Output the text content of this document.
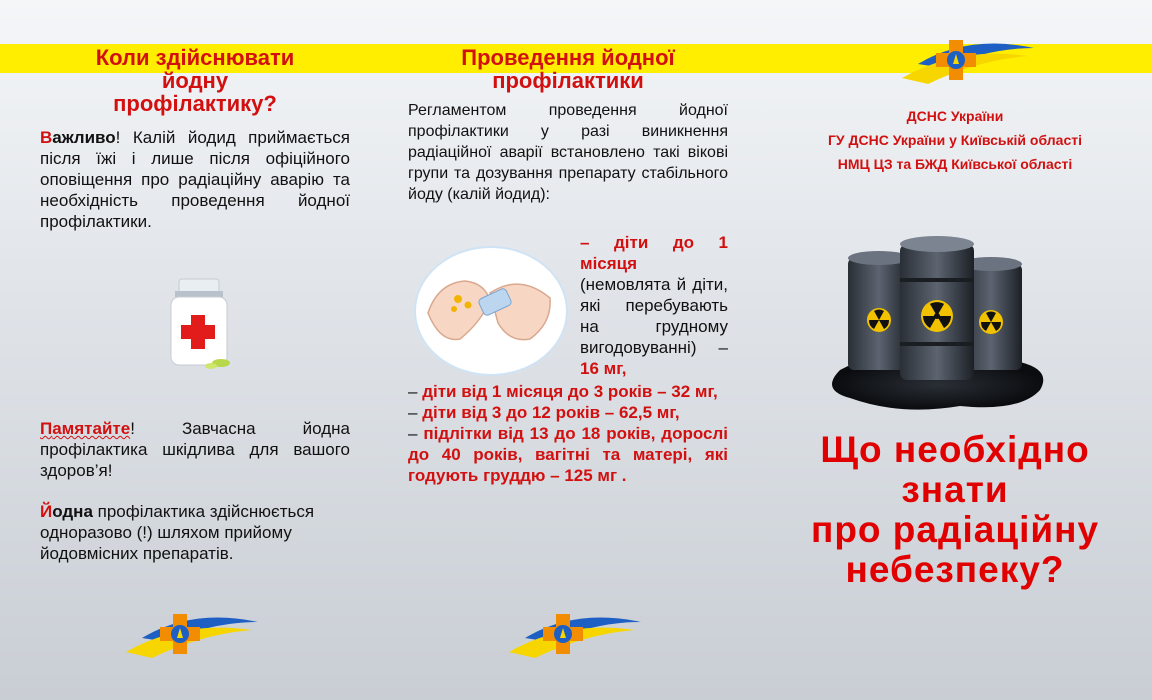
Коли здійснювати
йодну
профілактику?

Важливо! Калій йодид приймається після їжі і лише після офіційного оповіщення про радіаційну аварію та необхідність проведення йодної профілактики.

Памятайте! Завчасна йодна профілактика шкідлива для вашого здоров’я!

Йодна профілактика здійснюється одноразово (!) шляхом прийому йодовмісних препаратів.

Проведення йодної
профілактики

Регламентом проведення йодної профілактики у разі виникнення радіаційної аварії встановлено такі вікові групи та дозування препарату стабільного йоду (калій йодид):

– діти до 1 місяця (немовлята й діти, які перебувають на грудному вигодовуванні) – 16 мг,

– діти від 1 місяця до 3 років – 32 мг,

– діти від 3 до 12 років – 62,5 мг,

– підлітки від 13 до 18 років, дорослі до 40 років, вагітні та матері, які годують груддю – 125 мг .

ДСНС України
ГУ ДСНС України у Київській області
НМЦ ЦЗ та БЖД Київської області
Що необхідно
знати
про радіаційну
небезпеку?
